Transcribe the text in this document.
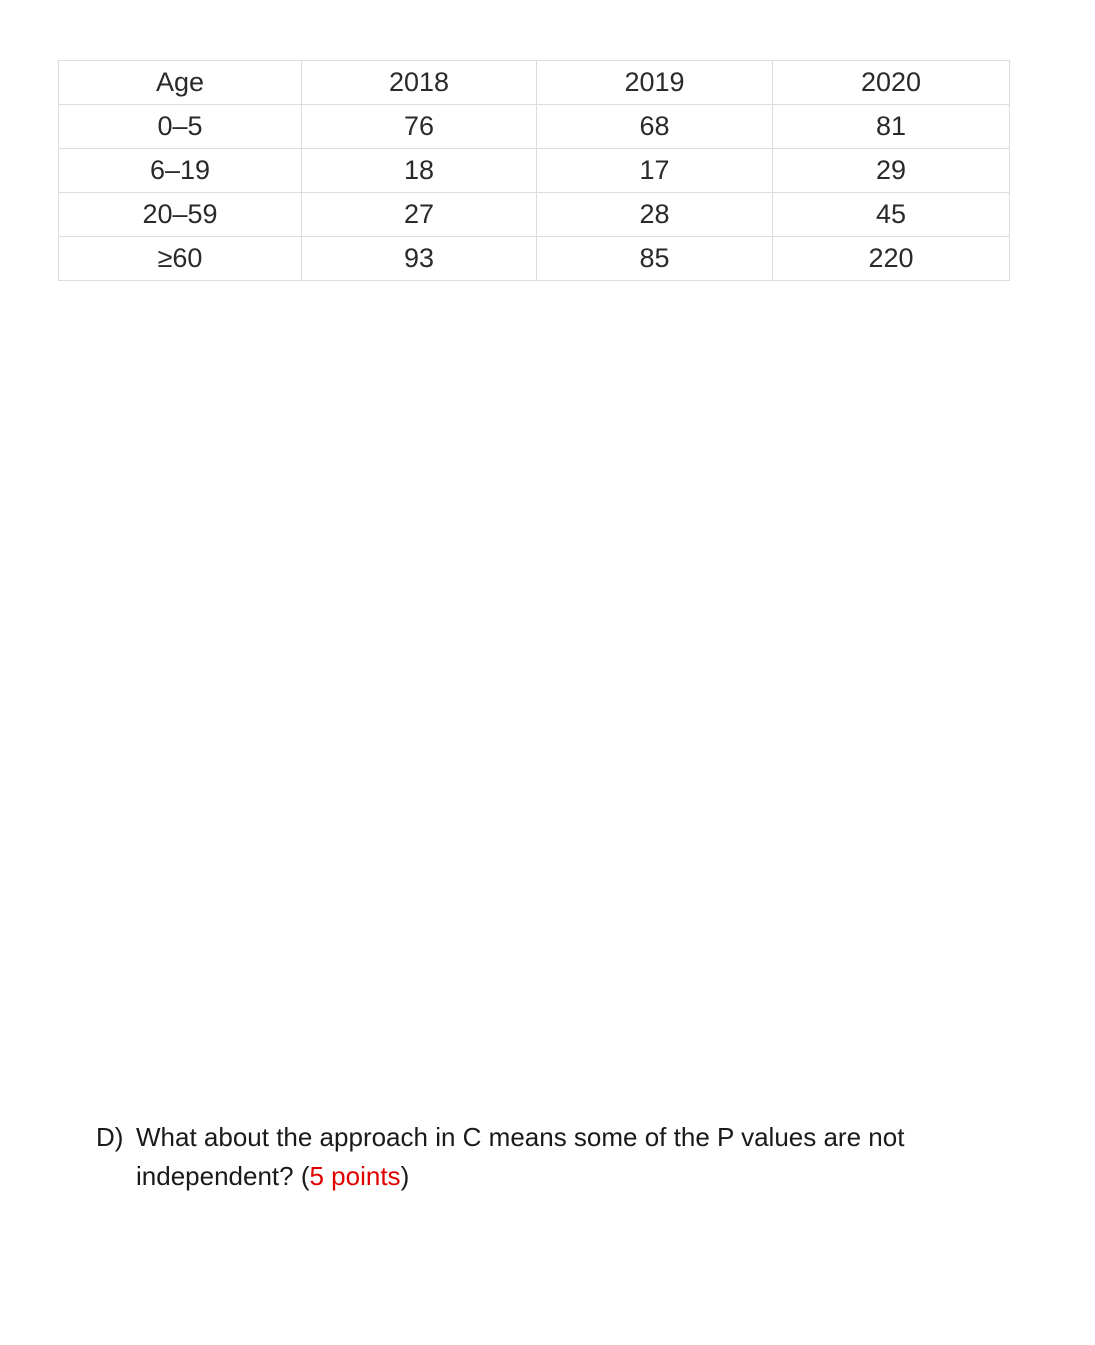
Age	2018	2019	2020
0–5	76	68	81
6–19	18	17	29
20–59	27	28	45
≥60	93	85	220
D) What about the approach in C means some of the P values are not
independent? (5 points)
